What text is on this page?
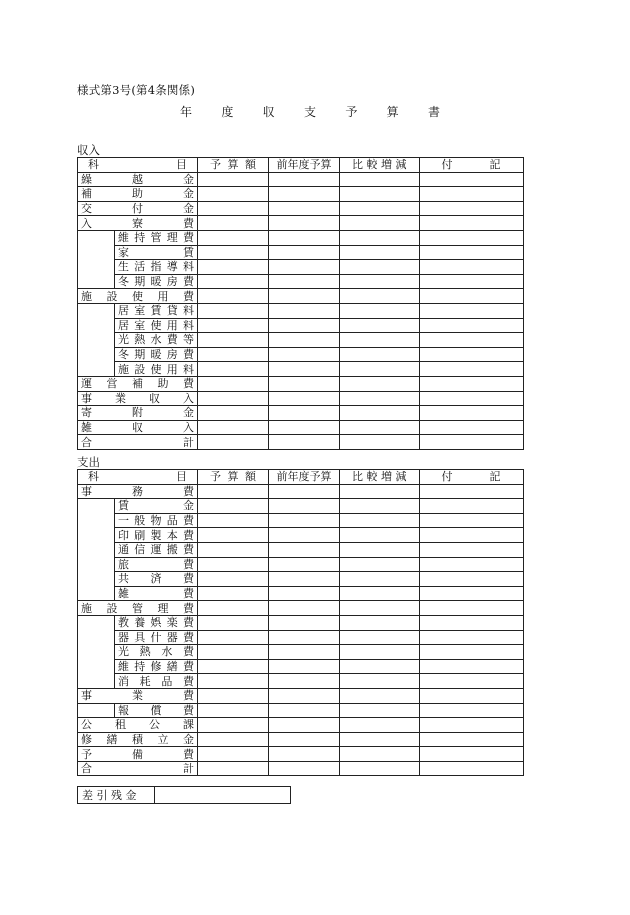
様式第3号(第4条関係)
年 度 収 支 予 算 書
収入
科　　目		予 算 額	前年度予算	比 較 増 減	付　　記
繰越金					
補助金					
交付金					
入寮費					
	維持管理費				
	家賃				
	生活指導料				
	冬期暖房費				
施設使用費					
	居室賃貸料				
	居室使用料				
	光熱水費等				
	冬期暖房費				
	施設使用料				
運営補助費					
事業収入					
寄附金					
雑収入					
合計					
支出
科　　目		予 算 額	前年度予算	比 較 増 減	付　　記
事務費					
	賃金				
	一般物品費				
	印刷製本費				
	通信運搬費				
	旅費				
	共済費				
	雑費				
施設管理費					
	教養娯楽費				
	器具什器費				
	光熱水費				
	維持修繕費				
	消耗品費				
事業費					
	報償費				
公租公課					
修繕積立金					
予備費					
合計					
差 引 残 金	
